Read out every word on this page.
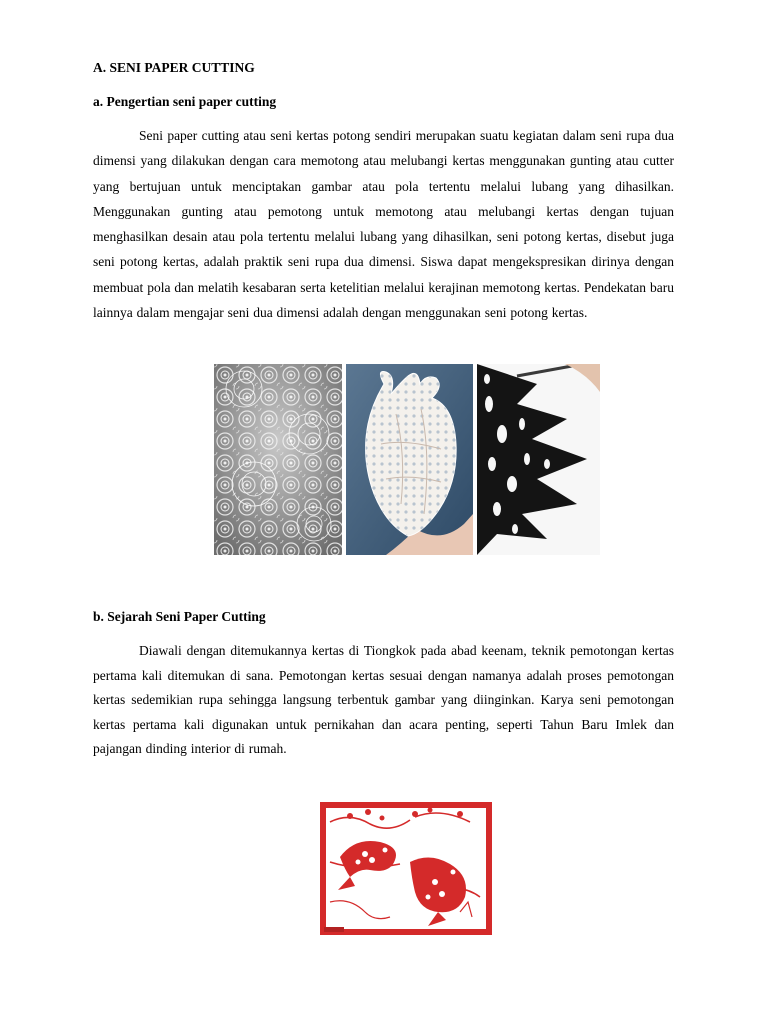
A. SENI PAPER CUTTING
a. Pengertian seni paper cutting

Seni paper cutting atau seni kertas potong sendiri merupakan suatu kegiatan dalam seni rupa dua dimensi yang dilakukan dengan cara memotong atau melubangi kertas menggunakan gunting atau cutter yang bertujuan untuk menciptakan gambar atau pola tertentu melalui lubang yang dihasilkan. Menggunakan gunting atau pemotong untuk memotong atau melubangi kertas dengan tujuan menghasilkan desain atau pola tertentu melalui lubang yang dihasilkan, seni potong kertas, disebut juga seni potong kertas, adalah praktik seni rupa dua dimensi. Siswa dapat mengekspresikan dirinya dengan membuat pola dan melatih kesabaran serta ketelitian melalui kerajinan memotong kertas. Pendekatan baru lainnya dalam mengajar seni dua dimensi adalah dengan menggunakan seni potong kertas.

b. Sejarah Seni Paper Cutting

Diawali dengan ditemukannya kertas di Tiongkok pada abad keenam, teknik pemotongan kertas pertama kali ditemukan di sana. Pemotongan kertas sesuai dengan namanya adalah proses pemotongan kertas sedemikian rupa sehingga langsung terbentuk gambar yang diinginkan. Karya seni pemotongan kertas pertama kali digunakan untuk pernikahan dan acara penting, seperti Tahun Baru Imlek dan pajangan dinding interior di rumah.
